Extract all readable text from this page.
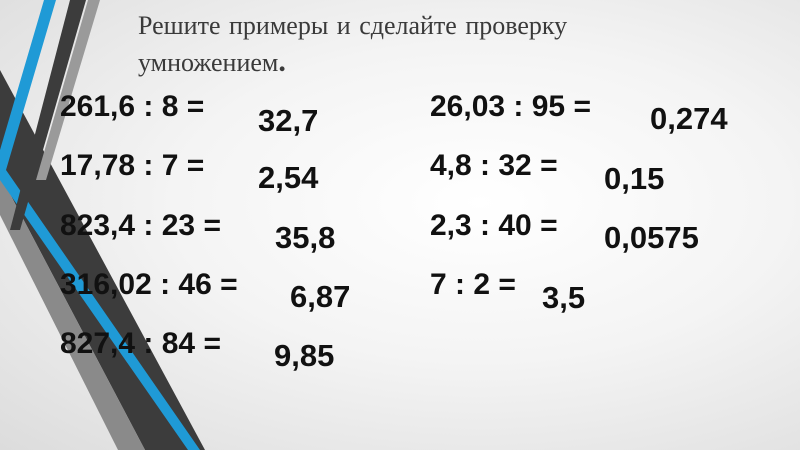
Решите примеры и сделайте проверку умножением.
261,6 : 8 = 32,7
17,78 : 7 = 2,54
823,4 : 23 = 35,8
316,02 : 46 = 6,87
827,4 : 84 = 9,85
26,03 : 95 = 0,274
4,8 : 32 = 0,15
2,3 : 40 = 0,0575
7 : 2 = 3,5
